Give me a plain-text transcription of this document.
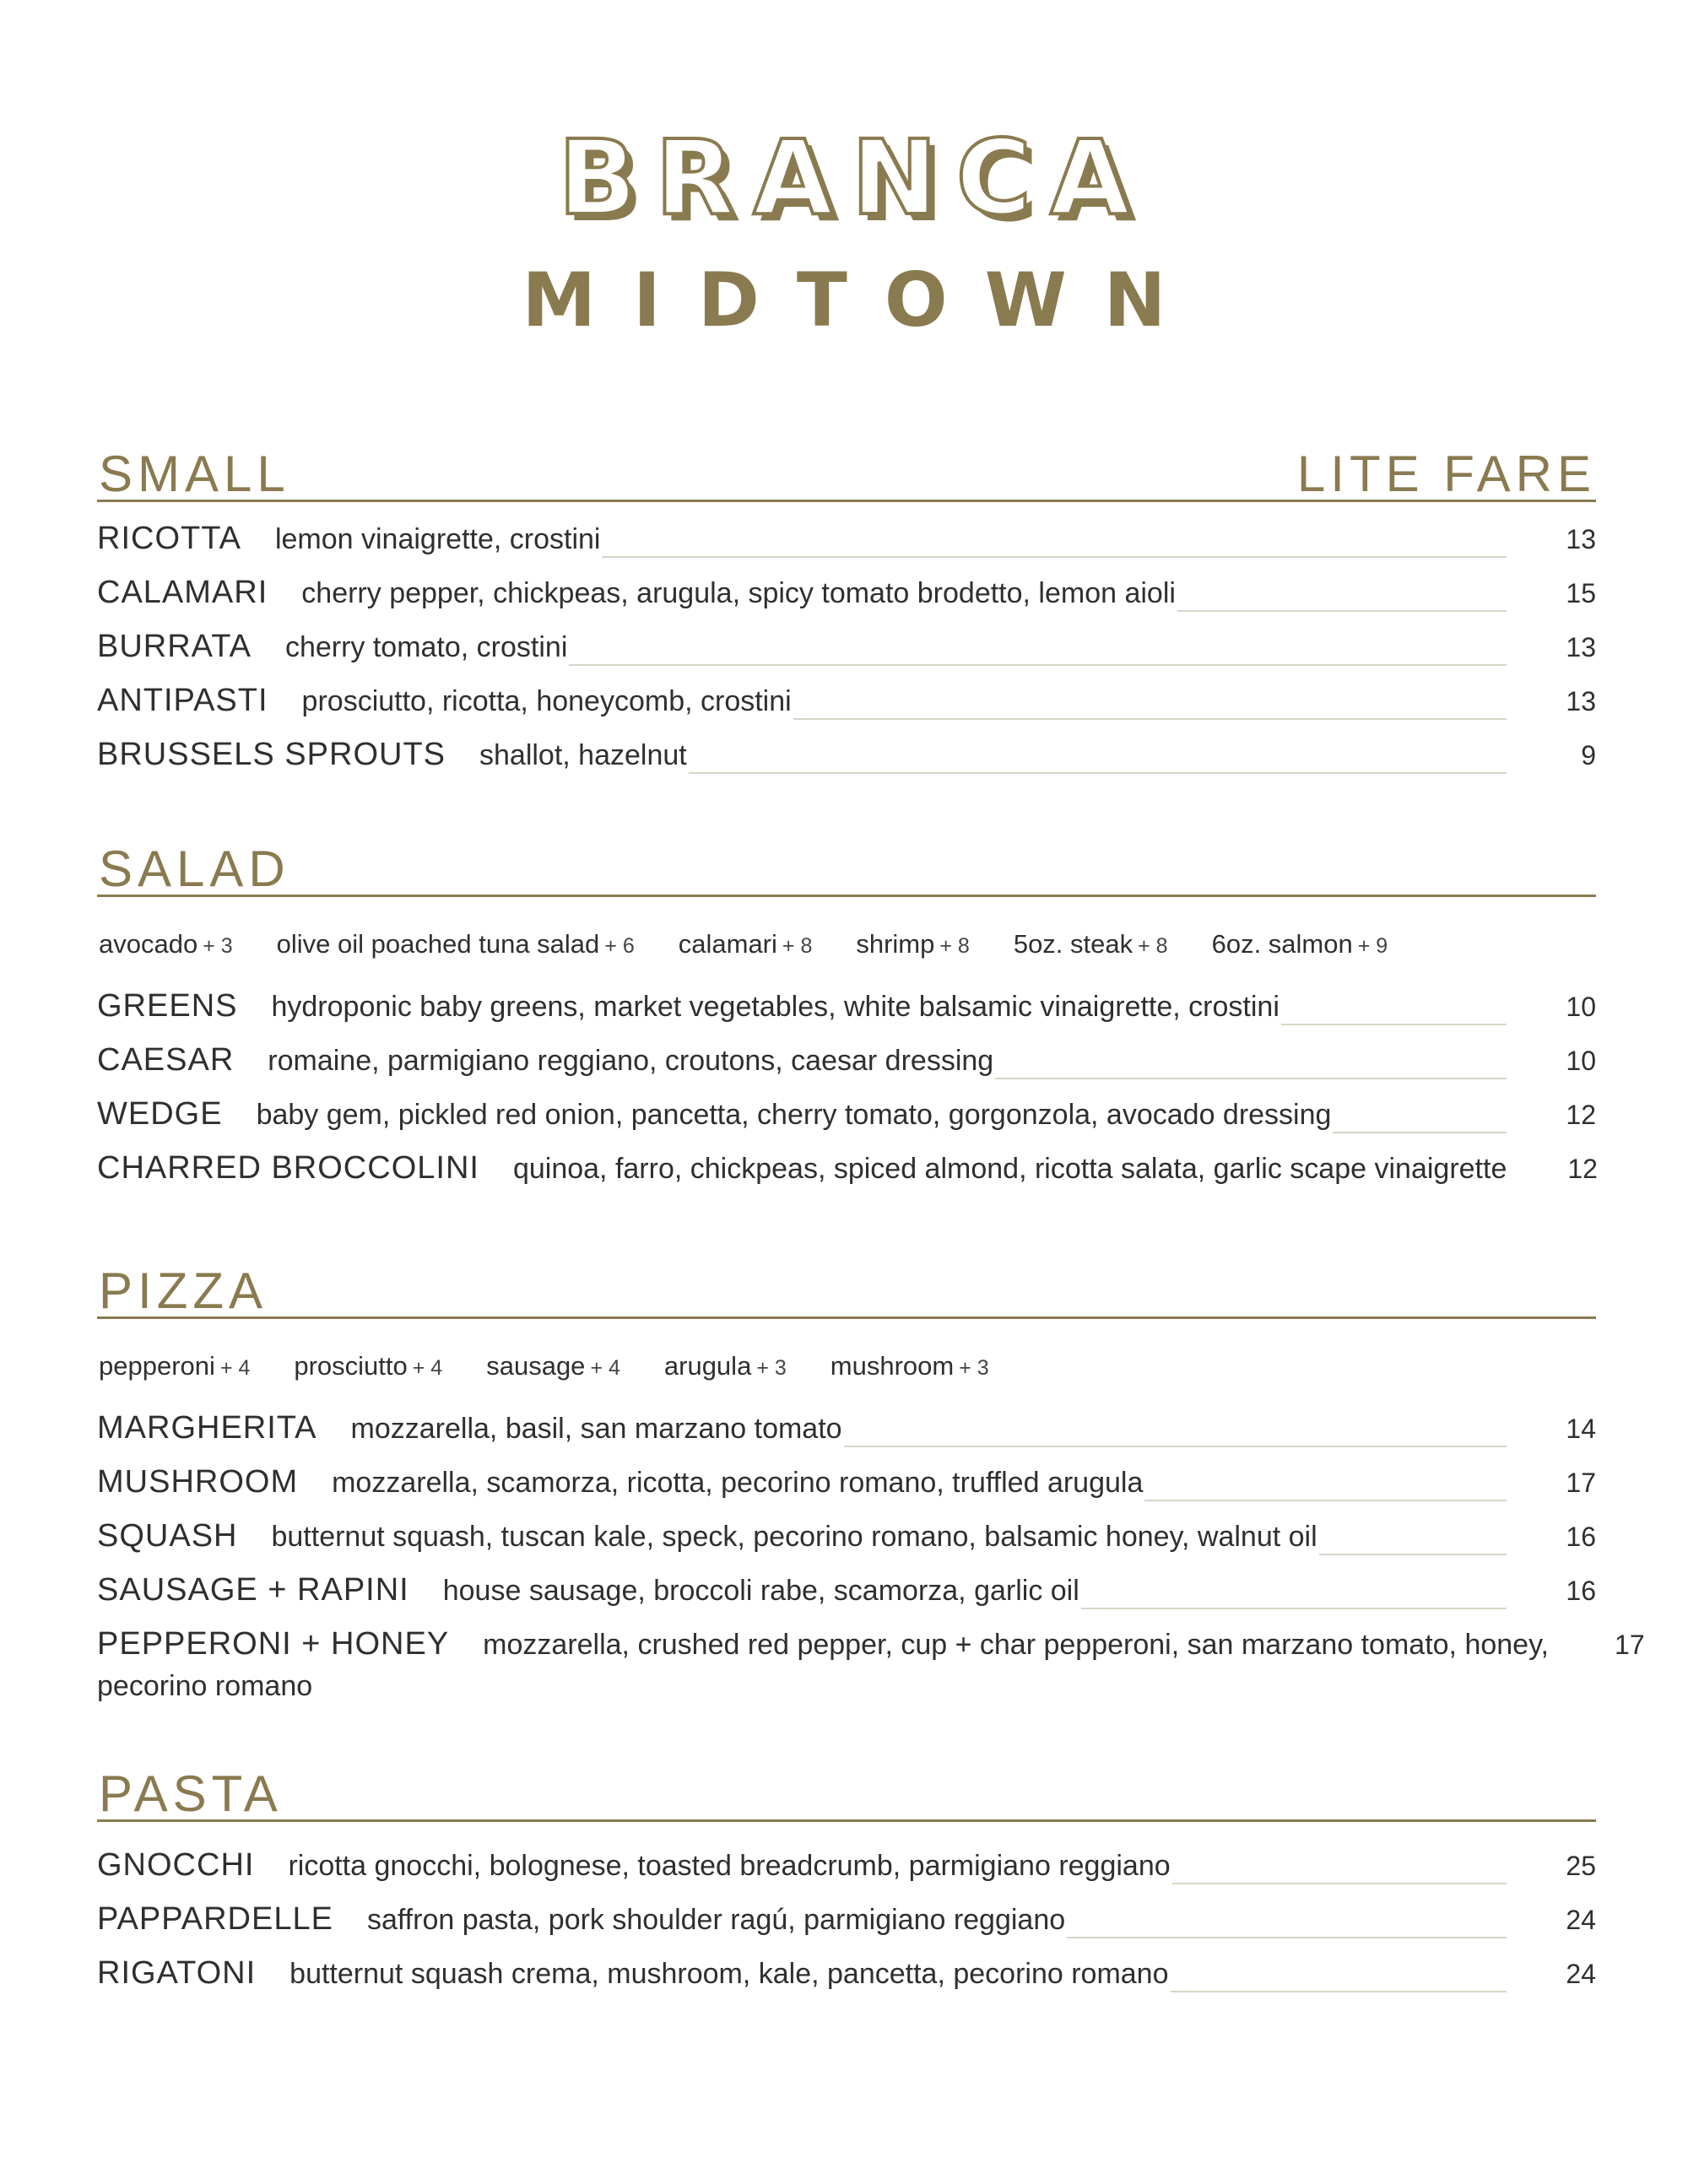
BRANCA
MIDTOWN
SMALL	LITE FARE
RICOTTA lemon vinaigrette, crostini	13
CALAMARI cherry pepper, chickpeas, arugula, spicy tomato brodetto, lemon aioli	15
BURRATA cherry tomato, crostini	13
ANTIPASTI prosciutto, ricotta, honeycomb, crostini	13
BRUSSELS SPROUTS shallot, hazelnut	9
SALAD
avocado + 3 olive oil poached tuna salad + 6 calamari + 8 shrimp + 8 5oz. steak + 8 6oz. salmon + 9
GREENS hydroponic baby greens, market vegetables, white balsamic vinaigrette, crostini	10
CAESAR romaine, parmigiano reggiano, croutons, caesar dressing	10
WEDGE baby gem, pickled red onion, pancetta, cherry tomato, gorgonzola, avocado dressing	12
CHARRED BROCCOLINI quinoa, farro, chickpeas, spiced almond, ricotta salata, garlic scape vinaigrette 12
PIZZA
pepperoni + 4 prosciutto + 4 sausage + 4 arugula + 3 mushroom + 3
MARGHERITA mozzarella, basil, san marzano tomato	14
MUSHROOM mozzarella, scamorza, ricotta, pecorino romano, truffled arugula	17
SQUASH butternut squash, tuscan kale, speck, pecorino romano, balsamic honey, walnut oil	16
SAUSAGE + RAPINI house sausage, broccoli rabe, scamorza, garlic oil	16
PEPPERONI + HONEY mozzarella, crushed red pepper, cup + char pepperoni, san marzano tomato, honey, 17
pecorino romano
PASTA
GNOCCHI ricotta gnocchi, bolognese, toasted breadcrumb, parmigiano reggiano	25
PAPPARDELLE saffron pasta, pork shoulder ragú, parmigiano reggiano	24
RIGATONI butternut squash crema, mushroom, kale, pancetta, pecorino romano	24
